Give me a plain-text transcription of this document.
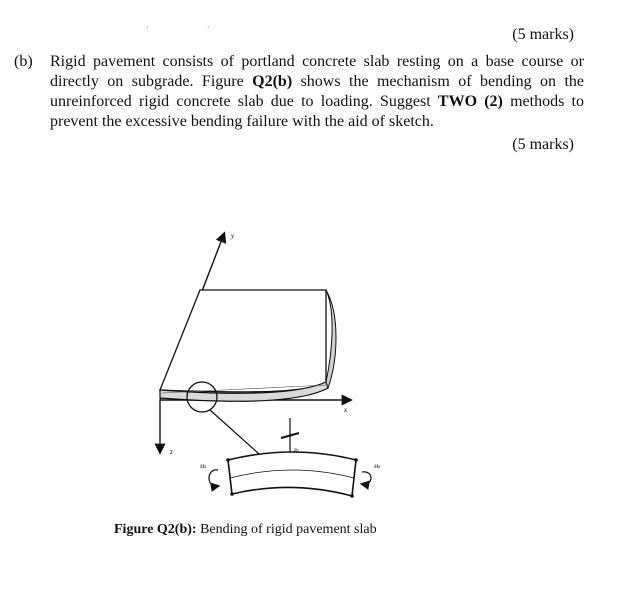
. .
(5 marks)
(b) Rigid pavement consists of portland concrete slab resting on a base course or directly on subgrade. Figure Q2(b) shows the mechanism of bending on the unreinforced rigid concrete slab due to loading. Suggest TWO (2) methods to prevent the excessive bending failure with the aid of sketch.
(5 marks)
y
x
z
Mx	Mx
Figure Q2(b): Bending of rigid pavement slab
